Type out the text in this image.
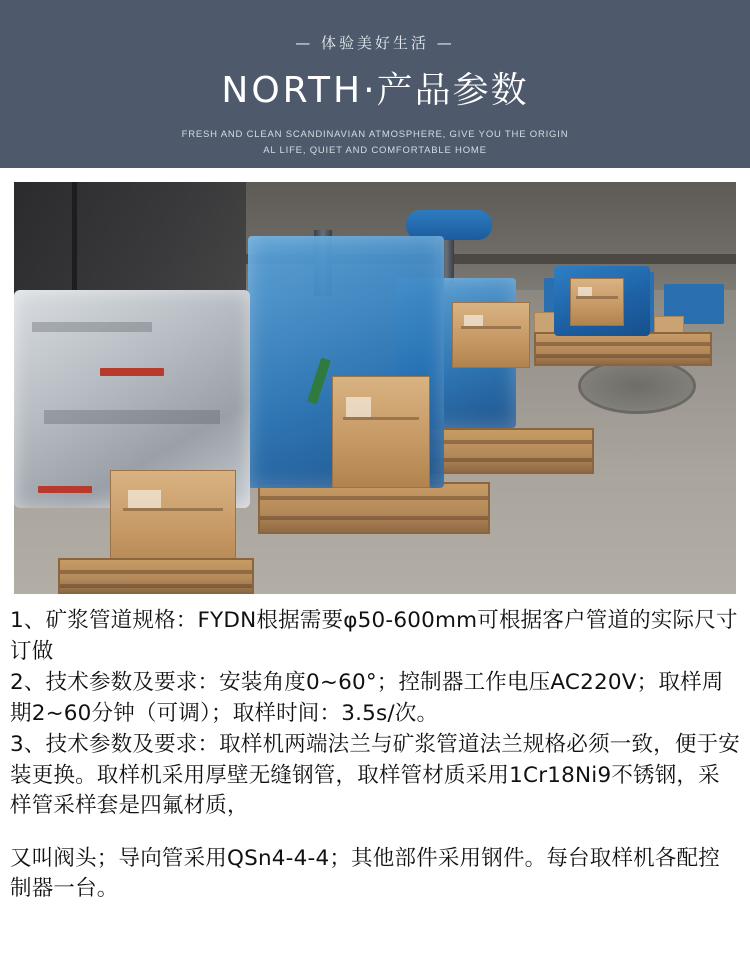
— 体验美好生活 —
NORTH·产品参数
FRESH AND CLEAN SCANDINAVIAN ATMOSPHERE, GIVE YOU THE ORIGIN
AL LIFE, QUIET AND COMFORTABLE HOME

1、矿浆管道规格：FYDN根据需要φ50-600mm可根据客户管道的实际尺寸订做

2、技术参数及要求：安装角度0~60°；控制器工作电压AC220V；取样周期2~60分钟（可调）；取样时间：3.5s/次。

3、技术参数及要求：取样机两端法兰与矿浆管道法兰规格必须一致，便于安装更换。取样机采用厚壁无缝钢管，取样管材质采用1Cr18Ni9不锈钢，采样管采样套是四氟材质，

又叫阀头；导向管采用QSn4-4-4；其他部件采用钢件。每台取样机各配控制器一台。
